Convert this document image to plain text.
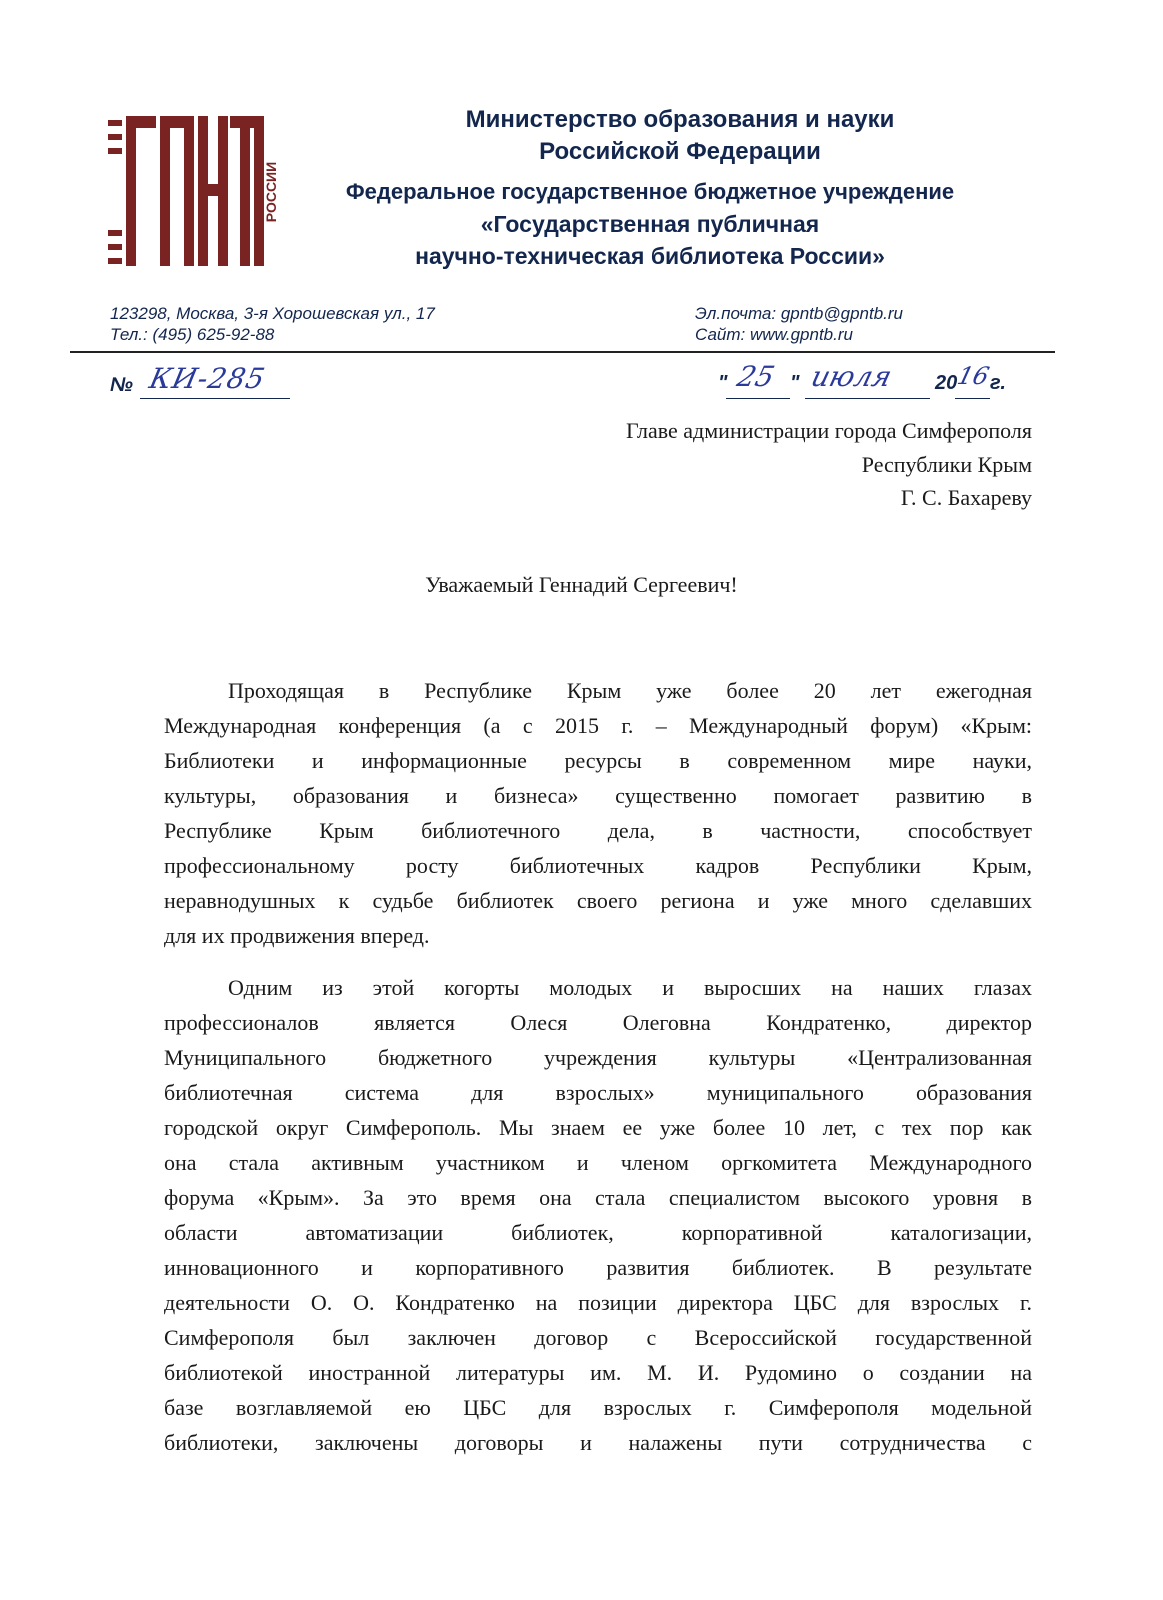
РОССИИ
Министерство образования и науки
Российской Федерации
Федеральное государственное бюджетное учреждение
«Государственная публичная
научно-техническая библиотека России»
123298, Москва, 3-я Хорошевская ул., 17
Тел.: (495) 625-92-88
Эл.почта: gpntb@gpntb.ru
Сайт: www.gpntb.ru
№ КИ-285	" 25 " июля 20
16
г.
Главе администрации города Симферополя
Республики Крым
Г. С. Бахареву
Уважаемый Геннадий Сергеевич!
Проходящая в Республике Крым уже более 20 лет ежегодная
Международная конференция (а с 2015 г. – Международный форум) «Крым:
Библиотеки и информационные ресурсы в современном мире науки,
культуры, образования и бизнеса» существенно помогает развитию в
Республике Крым библиотечного дела, в частности, способствует
профессиональному росту библиотечных кадров Республики Крым,
неравнодушных к судьбе библиотек своего региона и уже много сделавших
для их продвижения вперед.
Одним из этой когорты молодых и выросших на наших глазах
профессионалов является Олеся Олеговна Кондратенко, директор
Муниципального бюджетного учреждения культуры «Централизованная
библиотечная система для взрослых» муниципального образования
городской округ Симферополь. Мы знаем ее уже более 10 лет, с тех пор как
она стала активным участником и членом оргкомитета Международного
форума «Крым». За это время она стала специалистом высокого уровня в
области автоматизации библиотек, корпоративной каталогизации,
инновационного и корпоративного развития библиотек. В результате
деятельности О. О. Кондратенко на позиции директора ЦБС для взрослых г.
Симферополя был заключен договор с Всероссийской государственной
библиотекой иностранной литературы им. М. И. Рудомино о создании на
базе возглавляемой ею ЦБС для взрослых г. Симферополя модельной
библиотеки, заключены договоры и налажены пути сотрудничества с
